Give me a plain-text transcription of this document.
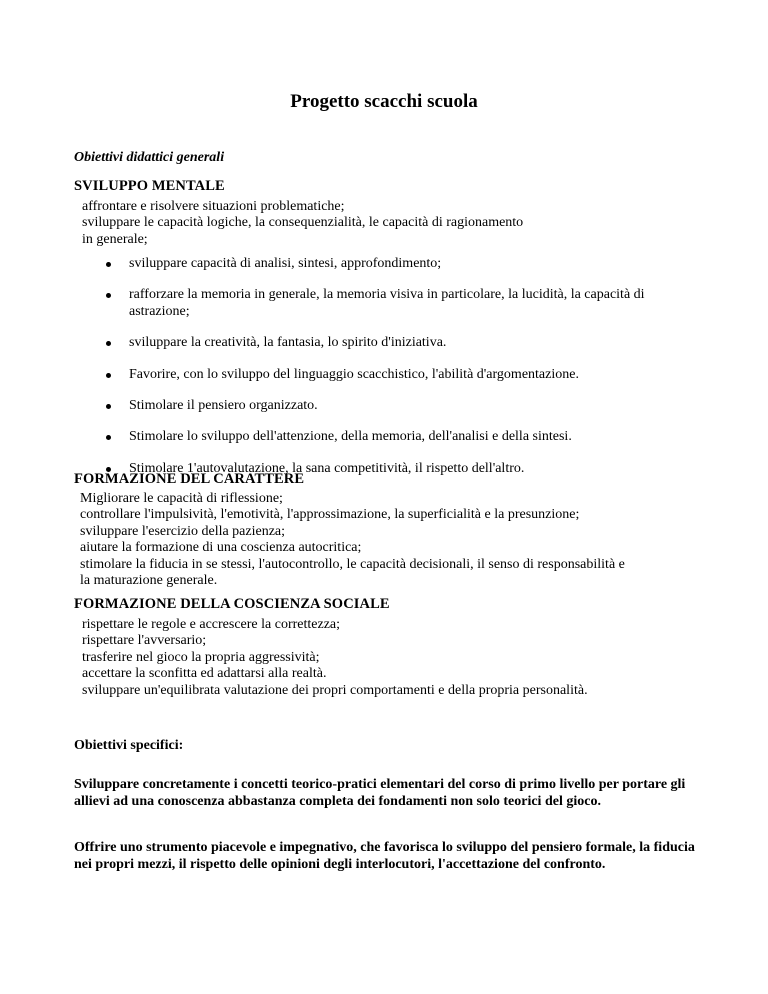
Progetto scacchi scuola

Obiettivi didattici generali

SVILUPPO MENTALE

affrontare e risolvere situazioni problematiche;
sviluppare le capacità logiche, la consequenzialità, le capacità di ragionamento
in generale;

sviluppare capacità di analisi, sintesi, approfondimento;
rafforzare la memoria in generale, la memoria visiva in particolare, la lucidità, la capacità di astrazione;
sviluppare la creatività, la fantasia, lo spirito d'iniziativa.
Favorire, con lo sviluppo del linguaggio scacchistico, l'abilità d'argomentazione.
Stimolare il pensiero organizzato.
Stimolare lo sviluppo dell'attenzione, della memoria, dell'analisi e della sintesi.
Stimolare 1'autovalutazione, la sana competitività, il rispetto dell'altro.

FORMAZIONE DEL CARATTERE

Migliorare le capacità di riflessione;
controllare l'impulsività, l'emotività, l'approssimazione, la superficialità e la presunzione;
sviluppare l'esercizio della pazienza;
aiutare la formazione di una coscienza autocritica;
stimolare la fiducia in se stessi, l'autocontrollo, le capacità decisionali, il senso di responsabilità e
la maturazione generale.

FORMAZIONE DELLA COSCIENZA SOCIALE

rispettare le regole e accrescere la correttezza;
rispettare l'avversario;
trasferire nel gioco la propria aggressività;
accettare la sconfitta ed adattarsi alla realtà.
sviluppare un'equilibrata valutazione dei propri comportamenti e della propria personalità.

Obiettivi specifici:

Sviluppare concretamente i concetti teorico-pratici elementari del corso di primo livello per portare gli allievi ad una conoscenza abbastanza completa dei fondamenti non solo teorici del gioco.

Offrire uno strumento piacevole e impegnativo, che favorisca lo sviluppo del pensiero formale, la fiducia nei propri mezzi, il rispetto delle opinioni degli interlocutori, l'accettazione del confronto.
